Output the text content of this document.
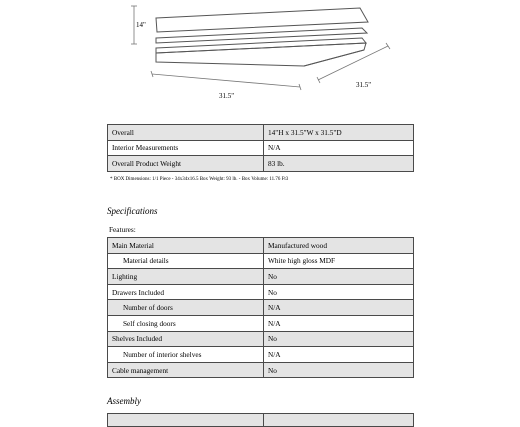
14"
31.5"
31.5"
Overall	14"H x 31.5"W x 31.5"D
Interior Measurements	N/A
Overall Product Weight	83 lb.
* BOX Dimensions: 1/1 Piece - 34x34x16.5 Box Weight: 93 lb. - Box Volume: 11.76 Ft3
Specifications
Features:
Main Material	Manufactured wood
Material details	White high gloss MDF
Lighting	No
Drawers Included	No
Number of doors	N/A
Self closing doors	N/A
Shelves Included	No
Number of interior shelves	N/A
Cable management	No
Assembly
